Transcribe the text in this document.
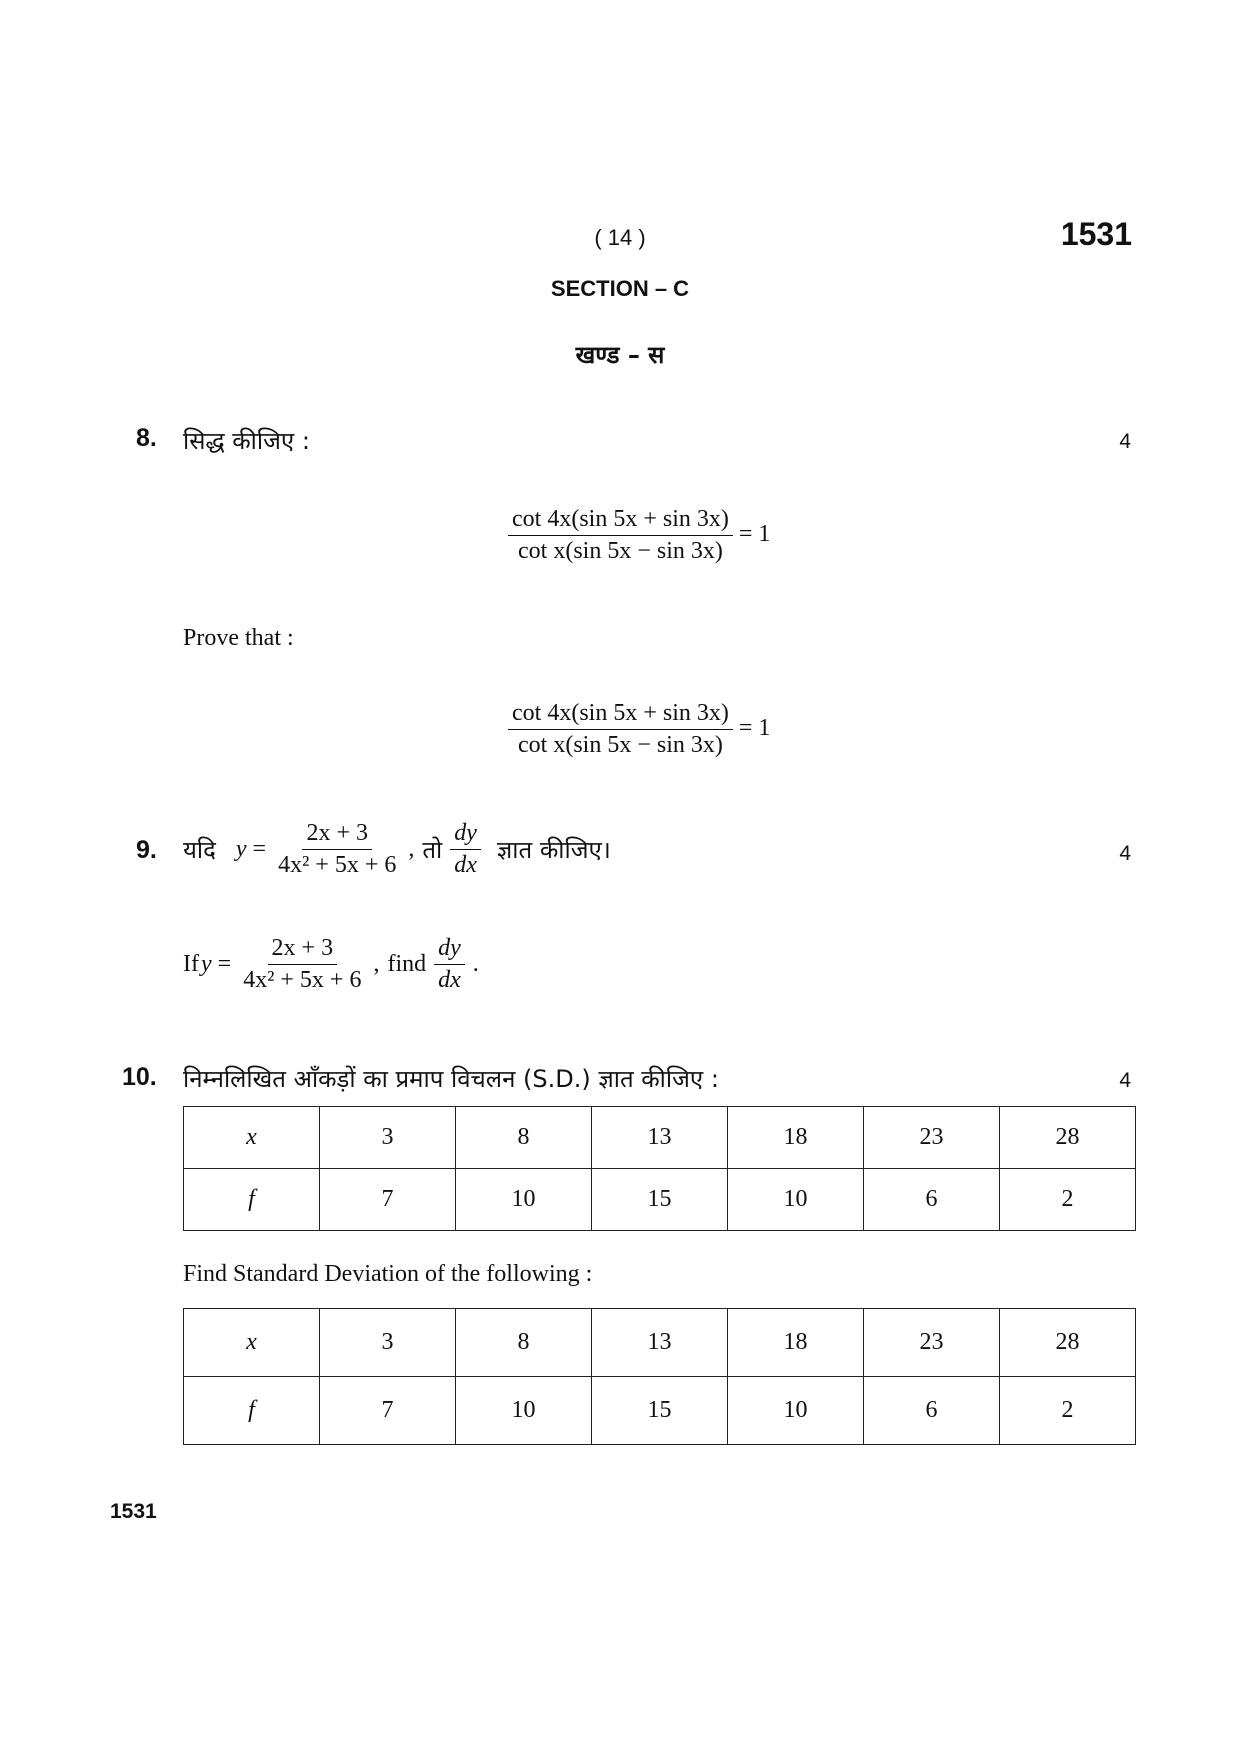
( 14 )	1531
SECTION – C
खण्ड – स
8. सिद्ध कीजिए :	4
$\frac{\cot 4x(\sin 5x + \sin 3x)}{\text{cot x(sin 5x − sin 3x)}} = 1$
Prove that :
$\frac{\cot 4x(\sin 5x + \sin 3x)}{\text{cot x(sin 5x − sin 3x)}} = 1$
9. यदि $y = \frac{2x + 3}{\text{4x² + 5x + 6}}$ , तो $\frac{dy}{dx}$ ज्ञात कीजिए।	4
If $y = \frac{2x + 3}{\text{4x² + 5x + 6}}$ , find $\frac{dy}{dx}$ .
10. निम्नलिखित आँकड़ों का प्रमाप विचलन (S.D.) ज्ञात कीजिए :	4
x	3	8	13	18	23	28
f	7	10	15	10	6	2
Find Standard Deviation of the following :
x	3	8	13	18	23	28
f	7	10	15	10	6	2
1531
